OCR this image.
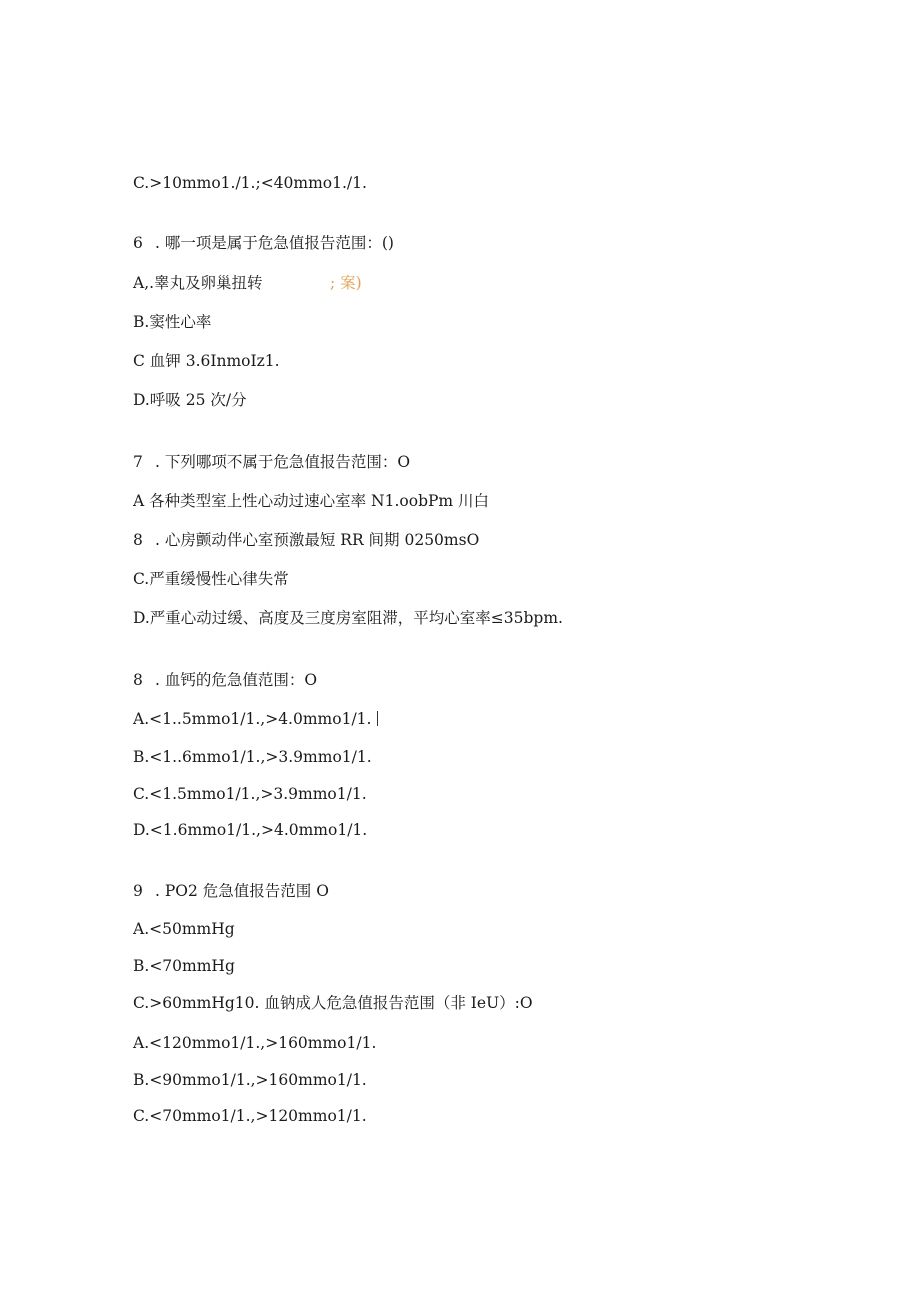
C.>10mmo1./1.;<40mmo1./1.
6 . 哪一项是属于危急值报告范围：()
A,.睾丸及卵巢扭转	; 案)
B.窦性心率
C 血钾 3.6InmoIz1.
D.呼吸 25 次/分
7 . 下列哪项不属于危急值报告范围：O
A 各种类型室上性心动过速心室率 N1.oobPm 川白
8 . 心房颤动伴心室预激最短 RR 间期 0250msO
C.严重缓慢性心律失常
D.严重心动过缓、高度及三度房室阻滞，平均心室率≤35bpm.
8 . 血钙的危急值范围：O
A.<1..5mmo1/1.,>4.0mmo1/1.
B.<1..6mmo1/1.,>3.9mmo1/1.
C.<1.5mmo1/1.,>3.9mmo1/1.
D.<1.6mmo1/1.,>4.0mmo1/1.
9 . PO2 危急值报告范围 O
A.<50mmHg
B.<70mmHg
C.>60mmHg10. 血钠成人危急值报告范围（非 IeU）:O
A.<120mmo1/1.,>160mmo1/1.
B.<90mmo1/1.,>160mmo1/1.
C.<70mmo1/1.,>120mmo1/1.
